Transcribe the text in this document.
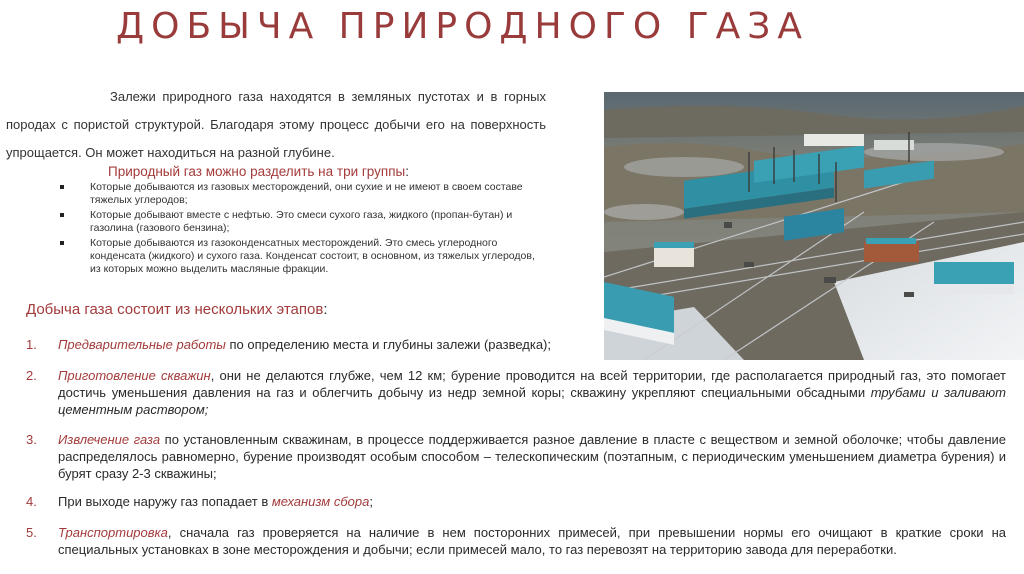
ДОБЫЧА ПРИРОДНОГО ГАЗА
Залежи природного газа находятся в земляных пустотах и в горных породах с пористой структурой. Благодаря этому процесс добычи его на поверхность упрощается. Он может находиться на разной глубине.
Природный газ можно разделить на три группы:
Которые добываются из газовых месторождений, они сухие и не имеют в своем составе тяжелых углеродов;
Которые добывают вместе с нефтью. Это смеси сухого газа, жидкого (пропан-бутан) и газолина (газового бензина);
Которые добываются из газоконденсатных месторождений. Это смесь углеродного конденсата (жидкого) и сухого газа. Конденсат состоит, в основном, из тяжелых углеродов, из которых можно выделить масляные фракции.
Добыча газа состоит из нескольких этапов:
1. Предварительные работы по определению места и глубины залежи (разведка);
2. Приготовление скважин, они не делаются глубже, чем 12 км; бурение проводится на всей территории, где располагается природный газ, это помогает достичь уменьшения давления на газ и облегчить добычу из недр земной коры; скважину укрепляют специальными обсадными трубами и заливают цементным раствором;
3. Извлечение газа по установленным скважинам, в процессе поддерживается разное давление в пласте с веществом и земной оболочке; чтобы давление распределялось равномерно, бурение производят особым способом – телескопическим (поэтапным, с периодическим уменьшением диаметра бурения) и бурят сразу 2-3 скважины;
4. При выходе наружу газ попадает в механизм сбора;
5. Транспортировка, сначала газ проверяется на наличие в нем посторонних примесей, при превышении нормы его очищают в краткие сроки на специальных установках в зоне месторождения и добычи; если примесей мало, то газ перевозят на территорию завода для переработки.
